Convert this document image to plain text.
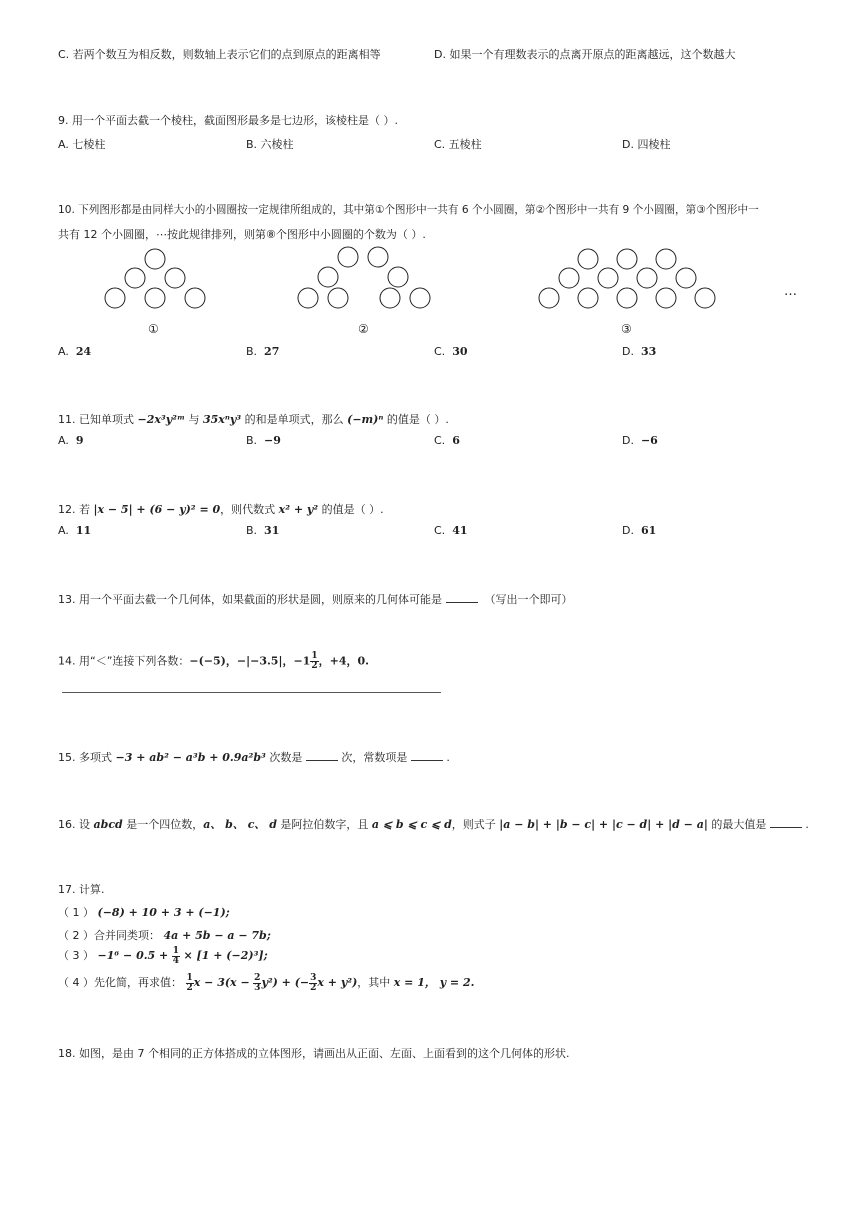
C. 若两个数互为相反数，则数轴上表示它们的点到原点的距离相等	D. 如果一个有理数表示的点离开原点的距离越远，这个数越大
9. 用一个平面去截一个棱柱，截面图形最多是七边形，该棱柱是（ ）.
A. 七棱柱	B. 六棱柱	C. 五棱柱	D. 四棱柱
10. 下列图形都是由同样大小的小圆圈按一定规律所组成的，其中第①个图形中一共有 6 个小圆圈，第②个图形中一共有 9 个小圆圈，第③个图形中一
共有 12 个小圆圈，⋯按此规律排列，则第⑧个图形中小圆圈的个数为（ ）.
…
①	②	③
A. 24	B. 27	C. 30	D. 33
11. 已知单项式 −2x³y²ᵐ 与 35xⁿy³ 的和是单项式，那么 (−m)ⁿ 的值是（ ）.
A. 9	B. −9	C. 6	D. −6
12. 若 |x − 5| + (6 − y)² = 0，则代数式 x² + y² 的值是（ ）.
A. 11	B. 31	C. 41	D. 61
13. 用一个平面去截一个几何体，如果截面的形状是圆，则原来的几何体可能是	（写出一个即可）
14. 用“＜”连接下列各数：−(−5)，−|−3.5|，$-1 \frac{1}{2}$ ，+4，0.
15. 多项式 −3 + ab² − a³b + 0.9a²b³ 次数是	次，常数项是	.
16. 设 abcd 是一个四位数，a、 b、 c、 d 是阿拉伯数字，且 a ⩽ b ⩽ c ⩽ d，则式子 |a − b| + |b − c| + |c − d| + |d − a| 的最大值是	.
17. 计算.
（ 1 ） (−8) + 10 + 3 + (−1);
（ 2 ）合并同类项： 4a + 5b − a − 7b;
（ 3 ） $-1^6 - 0.5 + \frac{1}{4} \times [1 + (-2)^3]$;
（ 4 ）先化简，再求值： $\frac{1}{2}$ $x - 3(x - \frac{2}{3} y^2)$ + (− $\frac{3}{2}$ x + y²)，其中 x = 1， y = 2.
18. 如图，是由 7 个相同的正方体搭成的立体图形，请画出从正面、左面、上面看到的这个几何体的形状.
